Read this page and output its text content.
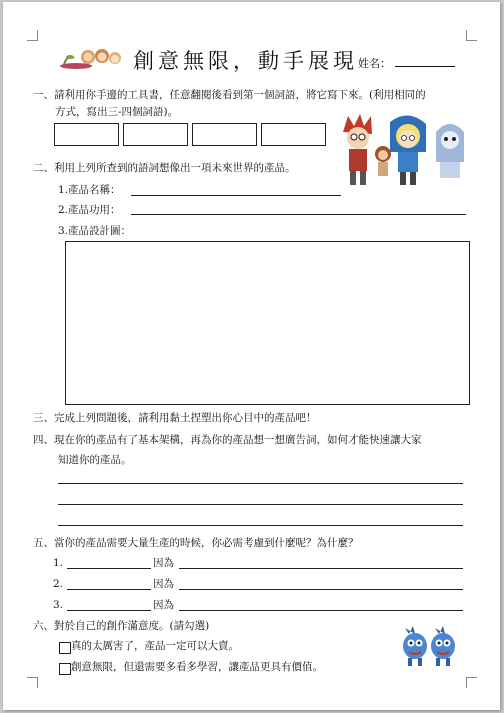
創意無限，動手展現 姓名：
一、請利用你手邊的工具書，任意翻閱後看到第一個詞語，將它寫下來。(利用相同的
方式，寫出三-四個詞語)。
二、利用上列所查到的語詞想像出一項未來世界的產品。
1.產品名稱：
2.產品功用：
3.產品設計圖：
三、完成上列問題後，請利用黏土捏塑出你心目中的產品吧！
四、現在你的產品有了基本架構，再為你的產品想一想廣告詞，如何才能快速讓大家
知道你的產品。
五、當你的產品需要大量生產的時候，你必需考慮到什麼呢？為什麼？
1.	因為
2.	因為
3.	因為
六、對於自己的創作滿意度。(請勾選)
真的太厲害了，產品一定可以大賣。
創意無限，但還需要多看多學習，讓產品更具有價值。
